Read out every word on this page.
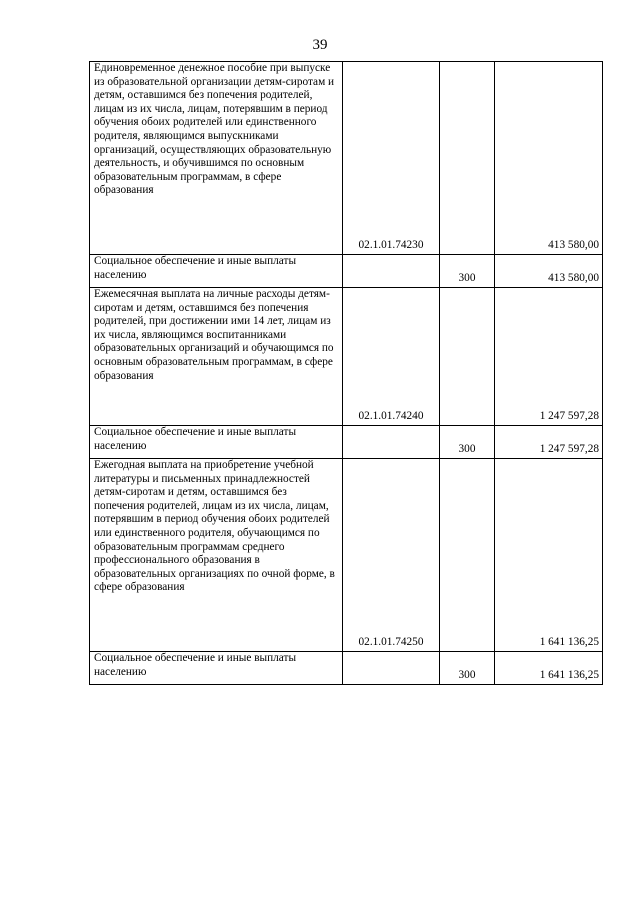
39
Единовременное денежное пособие при выпуске из образовательной организации детям-сиротам и детям, оставшимся без попечения родителей, лицам из их числа, лицам, потерявшим в период обучения обоих родителей или единственного родителя, являющимся выпускниками организаций, осуществляющих образовательную деятельность, и обучившимся по основным образовательным программам, в сфере образования	02.1.01.74230		413 580,00

Социальное обеспечение и иные выплаты населению		300	413 580,00

Ежемесячная выплата на личные расходы детям-сиротам и детям, оставшимся без попечения родителей, при достижении ими 14 лет, лицам из их числа, являющимся воспитанниками образовательных организаций и обучающимся по основным образовательным программам, в сфере образования	02.1.01.74240		1 247 597,28

Социальное обеспечение и иные выплаты населению		300	1 247 597,28

Ежегодная выплата на приобретение учебной литературы и письменных принадлежностей детям-сиротам и детям, оставшимся без попечения родителей, лицам из их числа, лицам, потерявшим в период обучения обоих родителей или единственного родителя, обучающимся по образовательным программам среднего профессионального образования в образовательных организациях по очной форме, в сфере образования	02.1.01.74250		1 641 136,25

Социальное обеспечение и иные выплаты населению		300	1 641 136,25
